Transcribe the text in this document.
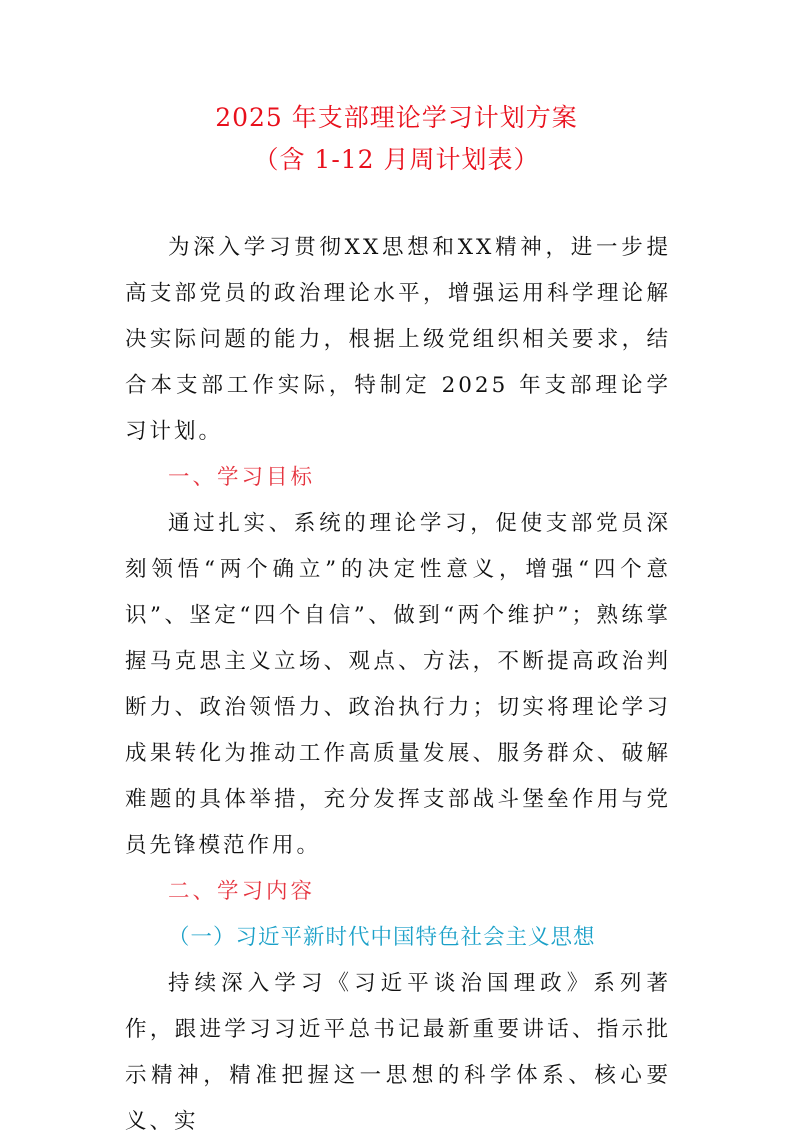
2025 年支部理论学习计划方案
（含 1-12 月周计划表）

为深入学习贯彻XX思想和XX精神，进一步提高支部党员的政治理论水平，增强运用科学理论解决实际问题的能力，根据上级党组织相关要求，结合本支部工作实际，特制定 2025 年支部理论学习计划。

一、学习目标

通过扎实、系统的理论学习，促使支部党员深刻领悟“两个确立”的决定性意义，增强“四个意识”、坚定“四个自信”、做到“两个维护”；熟练掌握马克思主义立场、观点、方法，不断提高政治判断力、政治领悟力、政治执行力；切实将理论学习成果转化为推动工作高质量发展、服务群众、破解难题的具体举措，充分发挥支部战斗堡垒作用与党员先锋模范作用。

二、学习内容

（一）习近平新时代中国特色社会主义思想

持续深入学习《习近平谈治国理政》系列著作，跟进学习习近平总书记最新重要讲话、指示批示精神，精准把握这一思想的科学体系、核心要义、实
